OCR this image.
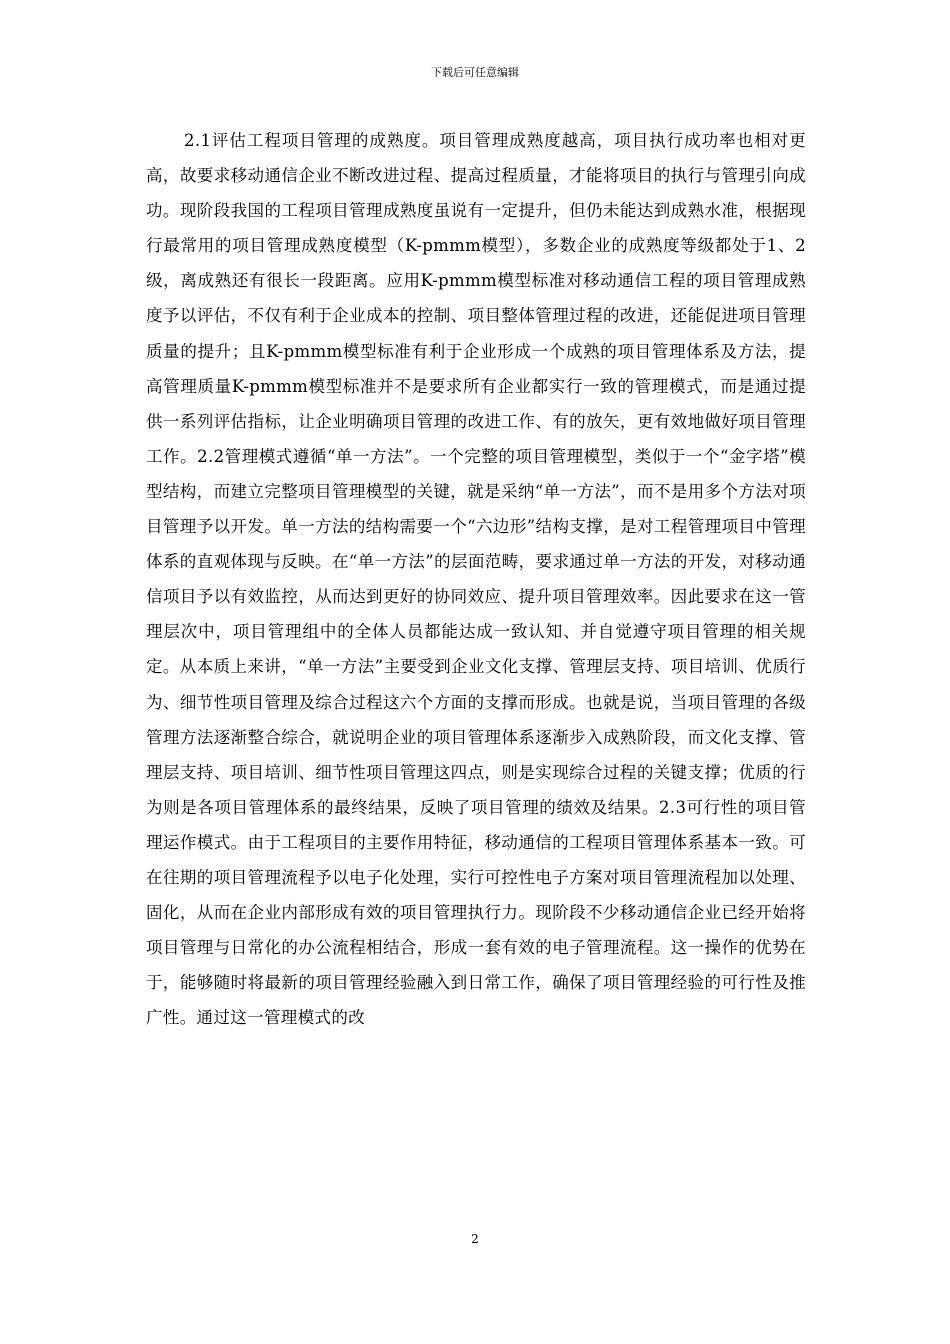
下载后可任意编辑

2.1评估工程项目管理的成熟度。项目管理成熟度越高，项目执行成功率也相对更高，故要求移动通信企业不断改进过程、提高过程质量，才能将项目的执行与管理引向成功。现阶段我国的工程项目管理成熟度虽说有一定提升，但仍未能达到成熟水准，根据现行最常用的项目管理成熟度模型（K-pmmm模型），多数企业的成熟度等级都处于1、2级，离成熟还有很长一段距离。应用K-pmmm模型标准对移动通信工程的项目管理成熟度予以评估，不仅有利于企业成本的控制、项目整体管理过程的改进，还能促进项目管理质量的提升；且K-pmmm模型标准有利于企业形成一个成熟的项目管理体系及方法，提高管理质量K-pmmm模型标准并不是要求所有企业都实行一致的管理模式，而是通过提供一系列评估指标，让企业明确项目管理的改进工作、有的放矢，更有效地做好项目管理工作。2.2管理模式遵循“单一方法”。一个完整的项目管理模型，类似于一个“金字塔”模型结构，而建立完整项目管理模型的关键，就是采纳“单一方法”，而不是用多个方法对项目管理予以开发。单一方法的结构需要一个“六边形”结构支撑，是对工程管理项目中管理体系的直观体现与反映。在“单一方法”的层面范畴，要求通过单一方法的开发，对移动通信项目予以有效监控，从而达到更好的协同效应、提升项目管理效率。因此要求在这一管理层次中，项目管理组中的全体人员都能达成一致认知、并自觉遵守项目管理的相关规定。从本质上来讲，“单一方法”主要受到企业文化支撑、管理层支持、项目培训、优质行为、细节性项目管理及综合过程这六个方面的支撑而形成。也就是说，当项目管理的各级管理方法逐渐整合综合，就说明企业的项目管理体系逐渐步入成熟阶段，而文化支撑、管理层支持、项目培训、细节性项目管理这四点，则是实现综合过程的关键支撑；优质的行为则是各项目管理体系的最终结果，反映了项目管理的绩效及结果。2.3可行性的项目管理运作模式。由于工程项目的主要作用特征，移动通信的工程项目管理体系基本一致。可在往期的项目管理流程予以电子化处理，实行可控性电子方案对项目管理流程加以处理、固化，从而在企业内部形成有效的项目管理执行力。现阶段不少移动通信企业已经开始将项目管理与日常化的办公流程相结合，形成一套有效的电子管理流程。这一操作的优势在于，能够随时将最新的项目管理经验融入到日常工作，确保了项目管理经验的可行性及推广性。通过这一管理模式的改

2
